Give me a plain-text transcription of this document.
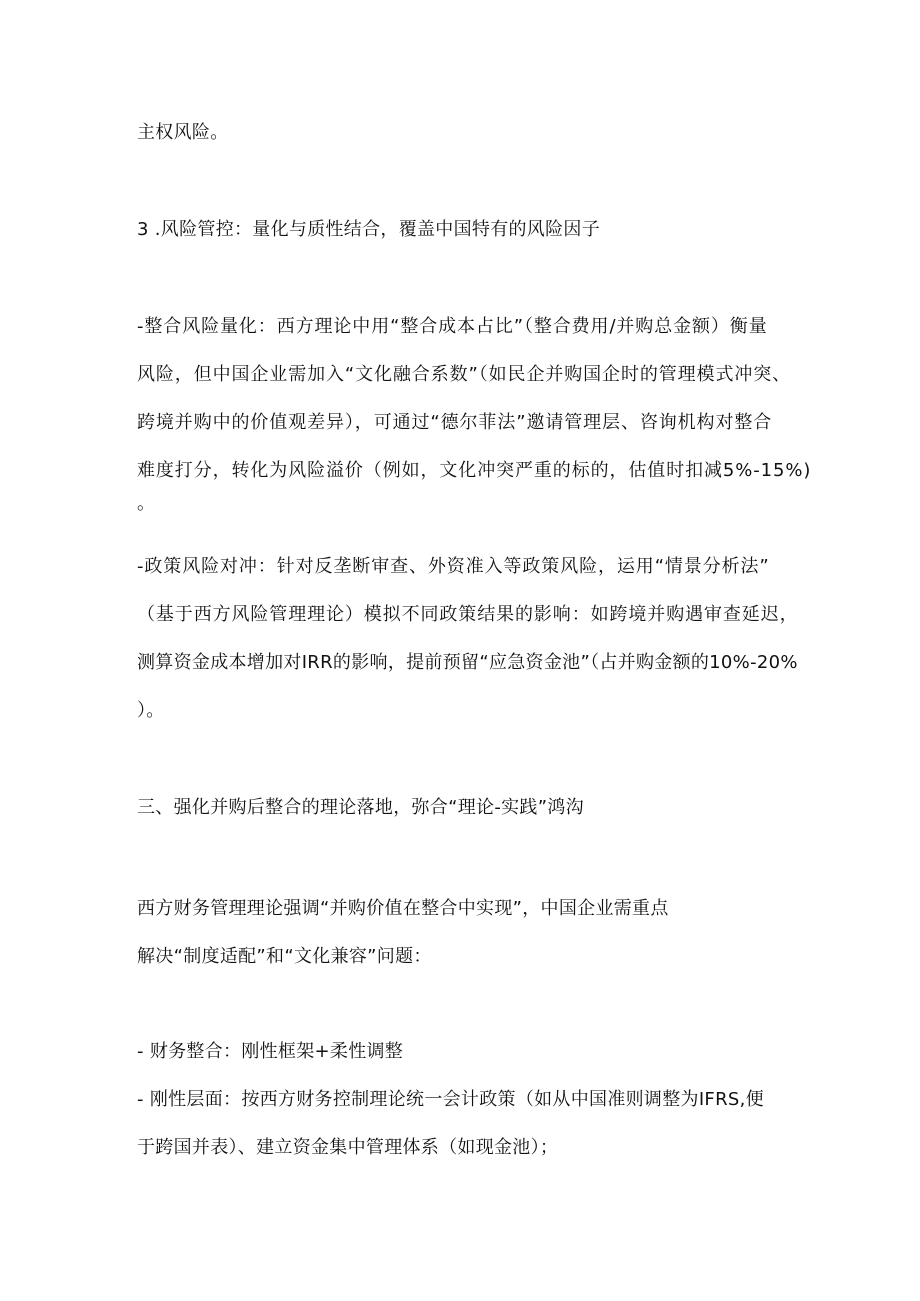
主权风险。
3 .风险管控：量化与质性结合，覆盖中国特有的风险因子
-整合风险量化：西方理论中用“整合成本占比”（整合费用/并购总金额）衡量
风险，但中国企业需加入“文化融合系数”（如民企并购国企时的管理模式冲突、
跨境并购中的价值观差异），可通过“德尔菲法”邀请管理层、咨询机构对整合
难度打分，转化为风险溢价（例如，文化冲突严重的标的，估值时扣减5%-15%)
。
-政策风险对冲：针对反垄断审查、外资准入等政策风险，运用“情景分析法”
（基于西方风险管理理论）模拟不同政策结果的影响：如跨境并购遇审查延迟，
测算资金成本增加对IRR的影响，提前预留“应急资金池”（占并购金额的10%-20%
）。
三、强化并购后整合的理论落地，弥合“理论-实践”鸿沟
西方财务管理理论强调“并购价值在整合中实现”，中国企业需重点
解决“制度适配”和“文化兼容”问题：
- 财务整合：刚性框架+柔性调整
- 刚性层面：按西方财务控制理论统一会计政策（如从中国准则调整为IFRS,便
于跨国并表）、建立资金集中管理体系（如现金池）；
